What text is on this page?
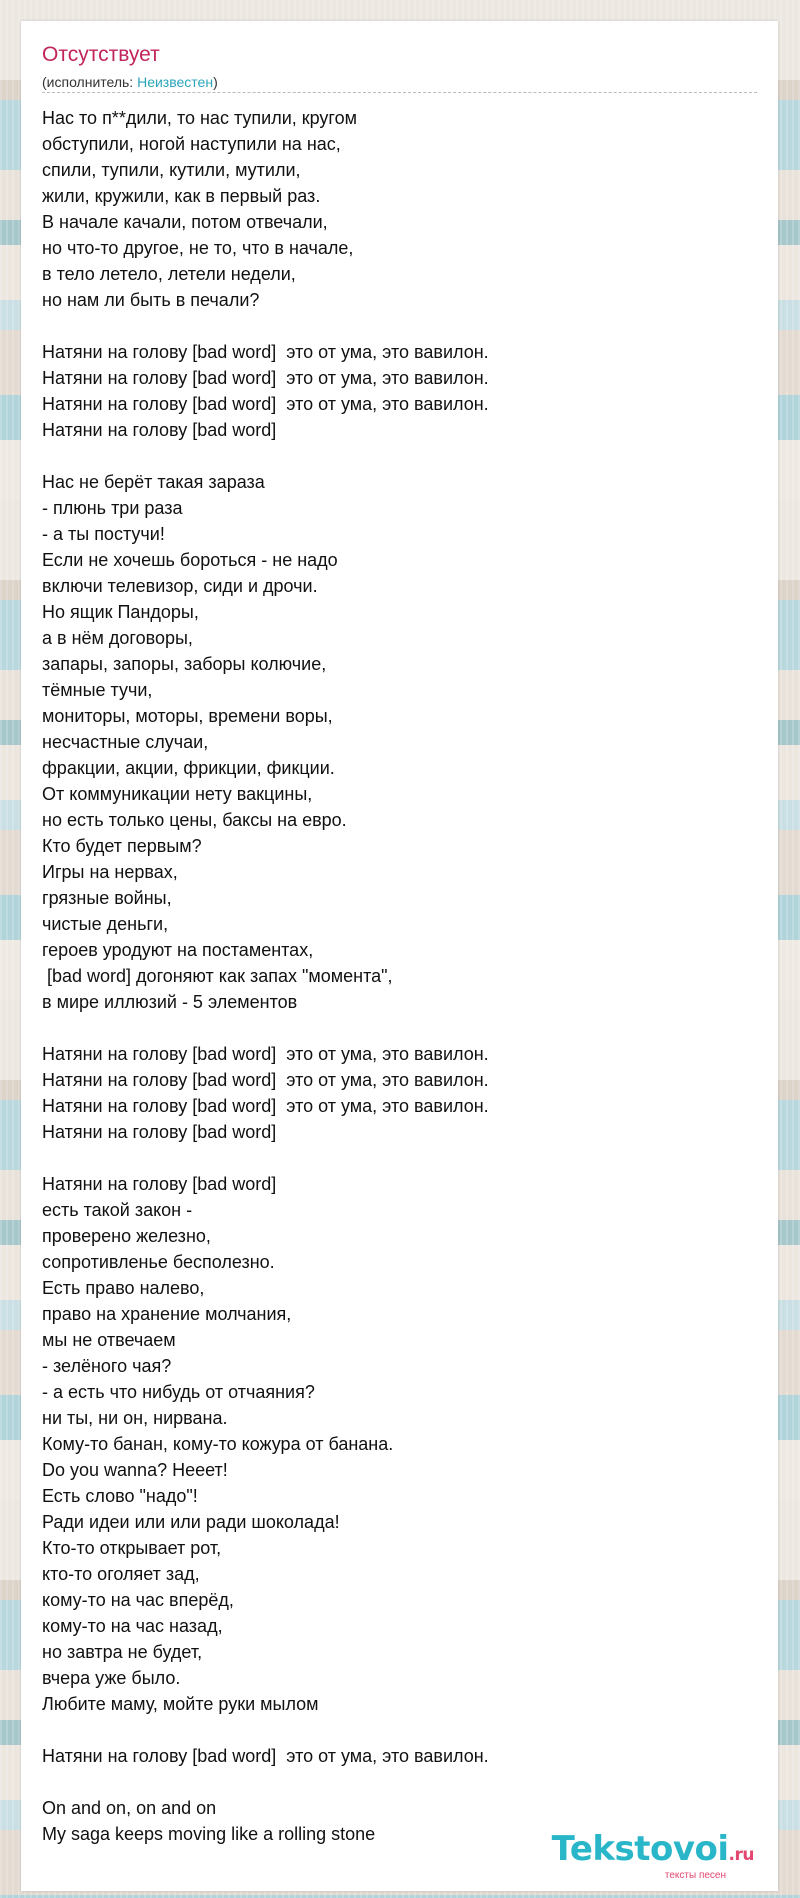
Отсутствует
(исполнитель: Неизвестен)
Нас то п**дили, то нас тупили, кругом
обступили, ногой наступили на нас,
спили, тупили, кутили, мутили,
жили, кружили, как в первый раз.
В начале качали, потом отвечали,
но что-то другое, не то, что в начале,
в тело летело, летели недели,
но нам ли быть в печали?

Натяни на голову [bad word]  это от ума, это вавилон.
Натяни на голову [bad word]  это от ума, это вавилон.
Натяни на голову [bad word]  это от ума, это вавилон.
Натяни на голову [bad word]

Нас не берёт такая зараза
- плюнь три раза
- а ты постучи!
Если не хочешь бороться - не надо
включи телевизор, сиди и дрочи.
Но ящик Пандоры,
а в нём договоры,
запары, запоры, заборы колючие,
тёмные тучи,
мониторы, моторы, времени воры,
несчастные случаи,
фракции, акции, фрикции, фикции.
От коммуникации нету вакцины,
но есть только цены, баксы на евро.
Кто будет первым?
Игры на нервах,
грязные войны,
чистые деньги,
героев уродуют на постаментах,
[bad word] догоняют как запах "момента",
в мире иллюзий - 5 элементов

Натяни на голову [bad word]  это от ума, это вавилон.
Натяни на голову [bad word]  это от ума, это вавилон.
Натяни на голову [bad word]  это от ума, это вавилон.
Натяни на голову [bad word]

Натяни на голову [bad word]
есть такой закон -
проверено железно,
сопротивленье бесполезно.
Есть право налево,
право на хранение молчания,
мы не отвечаем
- зелёного чая?
- а есть что нибудь от отчаяния?
ни ты, ни он, нирвана.
Кому-то банан, кому-то кожура от банана.
Do you wanna? Нееет!
Есть слово "надо"!
Ради идеи или или ради шоколада!
Кто-то открывает рот,
кто-то оголяет зад,
кому-то на час вперёд,
кому-то на час назад,
но завтра не будет,
вчера уже было.
Любите маму, мойте руки мылом

Натяни на голову [bad word]  это от ума, это вавилон.

On and on, on and on
My saga keeps moving like a rolling stone	Tekstovoi.ru
тексты песен
